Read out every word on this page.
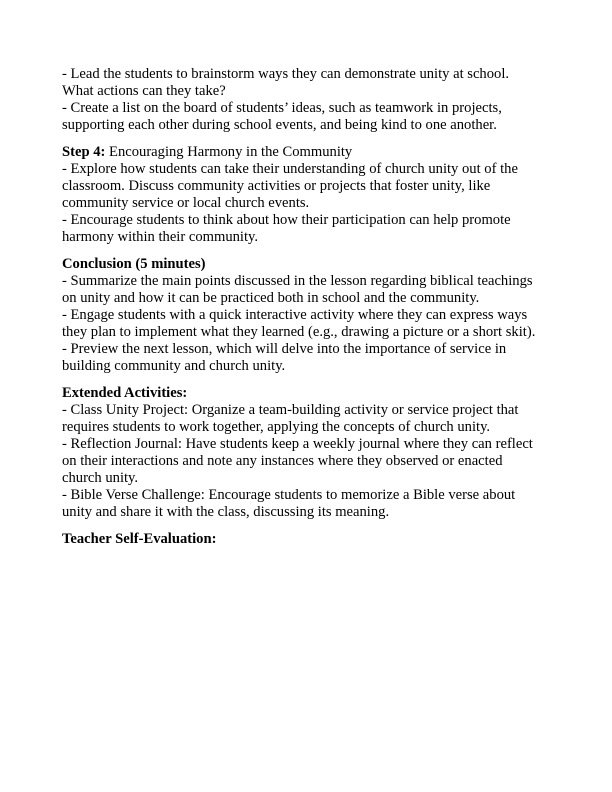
- Lead the students to brainstorm ways they can demonstrate unity at school. What actions can they take?

- Create a list on the board of students’ ideas, such as teamwork in projects, supporting each other during school events, and being kind to one another.

Step 4: Encouraging Harmony in the Community

- Explore how students can take their understanding of church unity out of the classroom. Discuss community activities or projects that foster unity, like community service or local church events.

- Encourage students to think about how their participation can help promote harmony within their community.

Conclusion (5 minutes)

- Summarize the main points discussed in the lesson regarding biblical teachings on unity and how it can be practiced both in school and the community.

- Engage students with a quick interactive activity where they can express ways they plan to implement what they learned (e.g., drawing a picture or a short skit).

- Preview the next lesson, which will delve into the importance of service in building community and church unity.

Extended Activities:

- Class Unity Project: Organize a team-building activity or service project that requires students to work together, applying the concepts of church unity.

- Reflection Journal: Have students keep a weekly journal where they can reflect on their interactions and note any instances where they observed or enacted church unity.

- Bible Verse Challenge: Encourage students to memorize a Bible verse about unity and share it with the class, discussing its meaning.

Teacher Self-Evaluation:
